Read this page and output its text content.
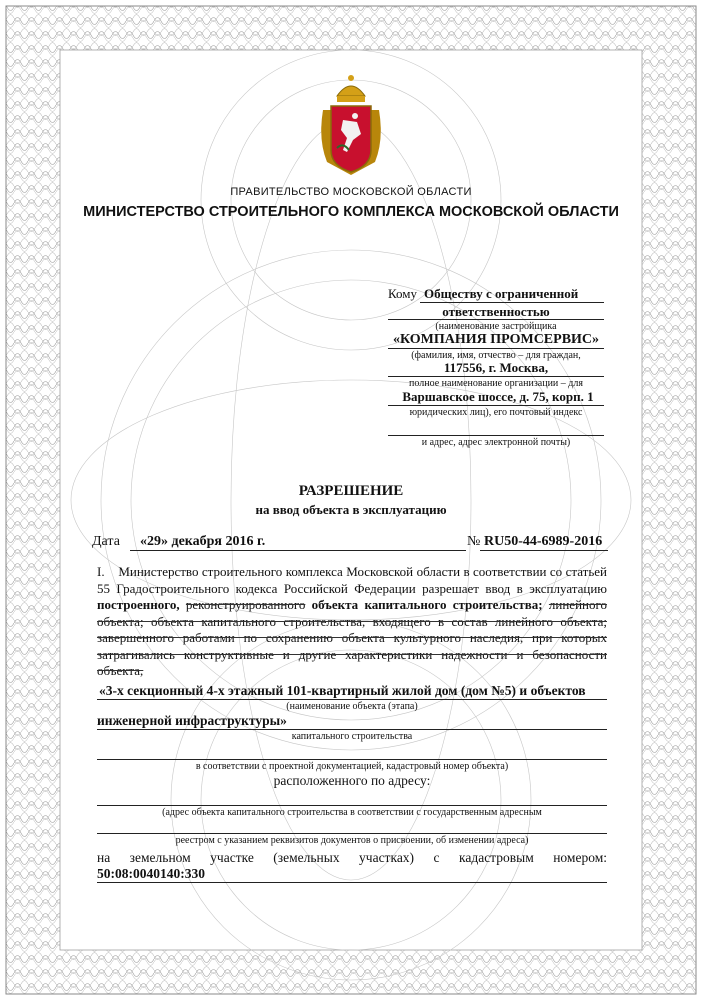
ПРАВИТЕЛЬСТВО МОСКОВСКОЙ ОБЛАСТИ
МИНИСТЕРСТВО СТРОИТЕЛЬНОГО КОМПЛЕКСА МОСКОВСКОЙ ОБЛАСТИ
Кому Обществу с ограниченной
ответственностью
(наименование застройщика
«КОМПАНИЯ ПРОМСЕРВИС»
(фамилия, имя, отчество – для граждан,
117556, г. Москва,
полное наименование организации – для
Варшавское шоссе, д. 75, корп. 1
юридических лиц), его почтовый индекс
и адрес, адрес электронной почты)
РАЗРЕШЕНИЕ
на ввод объекта в эксплуатацию
Дата «29» декабря 2016 г.	№ RU50-44-6989-2016
I. Министерство строительного комплекса Московской области в соответствии со статьей 55 Градостроительного кодекса Российской Федерации разрешает ввод в эксплуатацию построенного, реконструированного объекта капитального строительства; линейного объекта; объекта капитального строительства, входящего в состав линейного объекта; завершенного работами по сохранению объекта культурного наследия, при которых затрагивались конструктивные и другие характеристики надежности и безопасности объекта,
«3-х секционный 4-х этажный 101-квартирный жилой дом (дом №5) и объектов
(наименование объекта (этапа)
инженерной инфраструктуры»
капитального строительства
в соответствии с проектной документацией, кадастровый номер объекта)
расположенного по адресу:
(адрес объекта капитального строительства в соответствии с государственным адресным
реестром с указанием реквизитов документов о присвоении, об изменении адреса)
на земельном участке (земельных участках) с кадастровым номером:
50:08:0040140:330
